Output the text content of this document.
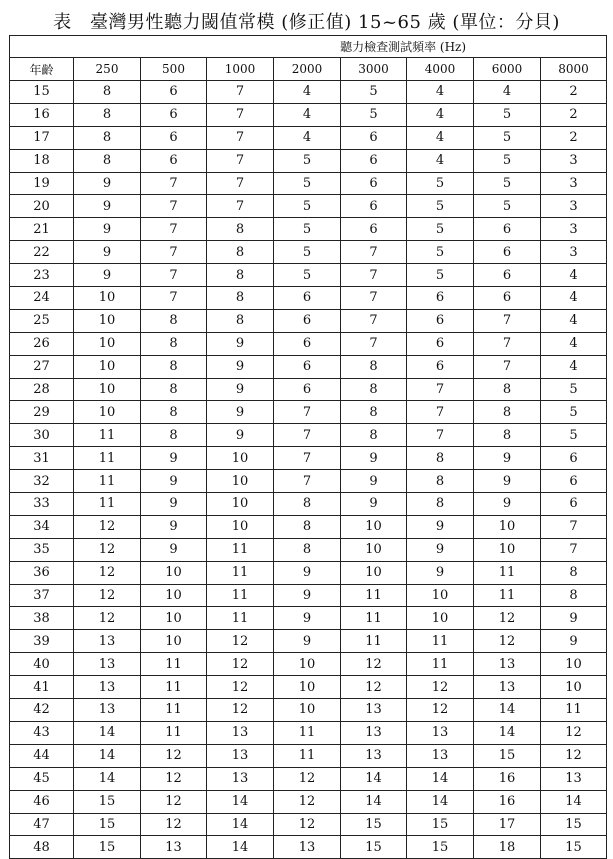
表　臺灣男性聽力閾值常模 (修正值) 15~65 歲 (單位：分貝)
聽力檢查測試頻率 (Hz)								
年齡	250	500	1000	2000	3000	4000	6000	8000
15	8	6	7	4	5	4	4	2
16	8	6	7	4	5	4	5	2
17	8	6	7	4	6	4	5	2
18	8	6	7	5	6	4	5	3
19	9	7	7	5	6	5	5	3
20	9	7	7	5	6	5	5	3
21	9	7	8	5	6	5	6	3
22	9	7	8	5	7	5	6	3
23	9	7	8	5	7	5	6	4
24	10	7	8	6	7	6	6	4
25	10	8	8	6	7	6	7	4
26	10	8	9	6	7	6	7	4
27	10	8	9	6	8	6	7	4
28	10	8	9	6	8	7	8	5
29	10	8	9	7	8	7	8	5
30	11	8	9	7	8	7	8	5
31	11	9	10	7	9	8	9	6
32	11	9	10	7	9	8	9	6
33	11	9	10	8	9	8	9	6
34	12	9	10	8	10	9	10	7
35	12	9	11	8	10	9	10	7
36	12	10	11	9	10	9	11	8
37	12	10	11	9	11	10	11	8
38	12	10	11	9	11	10	12	9
39	13	10	12	9	11	11	12	9
40	13	11	12	10	12	11	13	10
41	13	11	12	10	12	12	13	10
42	13	11	12	10	13	12	14	11
43	14	11	13	11	13	13	14	12
44	14	12	13	11	13	13	15	12
45	14	12	13	12	14	14	16	13
46	15	12	14	12	14	14	16	14
47	15	12	14	12	15	15	17	15
48	15	13	14	13	15	15	18	15
